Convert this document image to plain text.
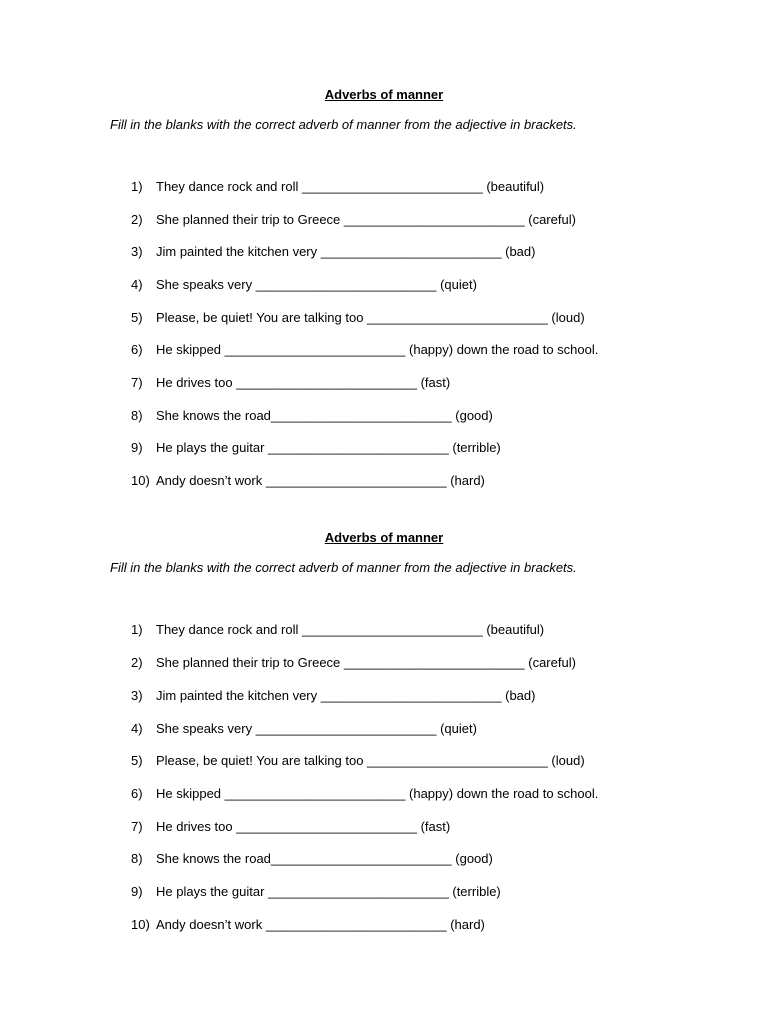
Adverbs of manner
Fill in the blanks with the correct adverb of manner from the adjective in brackets.
1)	They dance rock and roll _________________________ (beautiful)
2)	She planned their trip to Greece _________________________ (careful)
3)	Jim painted the kitchen very _________________________ (bad)
4)	She speaks very _________________________ (quiet)
5)	Please, be quiet! You are talking too _________________________ (loud)
6)	He skipped _________________________ (happy) down the road to school.
7)	He drives too _________________________ (fast)
8)	She knows the road_________________________ (good)
9)	He plays the guitar _________________________ (terrible)
10) Andy doesn’t work _________________________ (hard)
Adverbs of manner
Fill in the blanks with the correct adverb of manner from the adjective in brackets.
1)	They dance rock and roll _________________________ (beautiful)
2)	She planned their trip to Greece _________________________ (careful)
3)	Jim painted the kitchen very _________________________ (bad)
4)	She speaks very _________________________ (quiet)
5)	Please, be quiet! You are talking too _________________________ (loud)
6)	He skipped _________________________ (happy) down the road to school.
7)	He drives too _________________________ (fast)
8)	She knows the road_________________________ (good)
9)	He plays the guitar _________________________ (terrible)
10) Andy doesn’t work _________________________ (hard)
